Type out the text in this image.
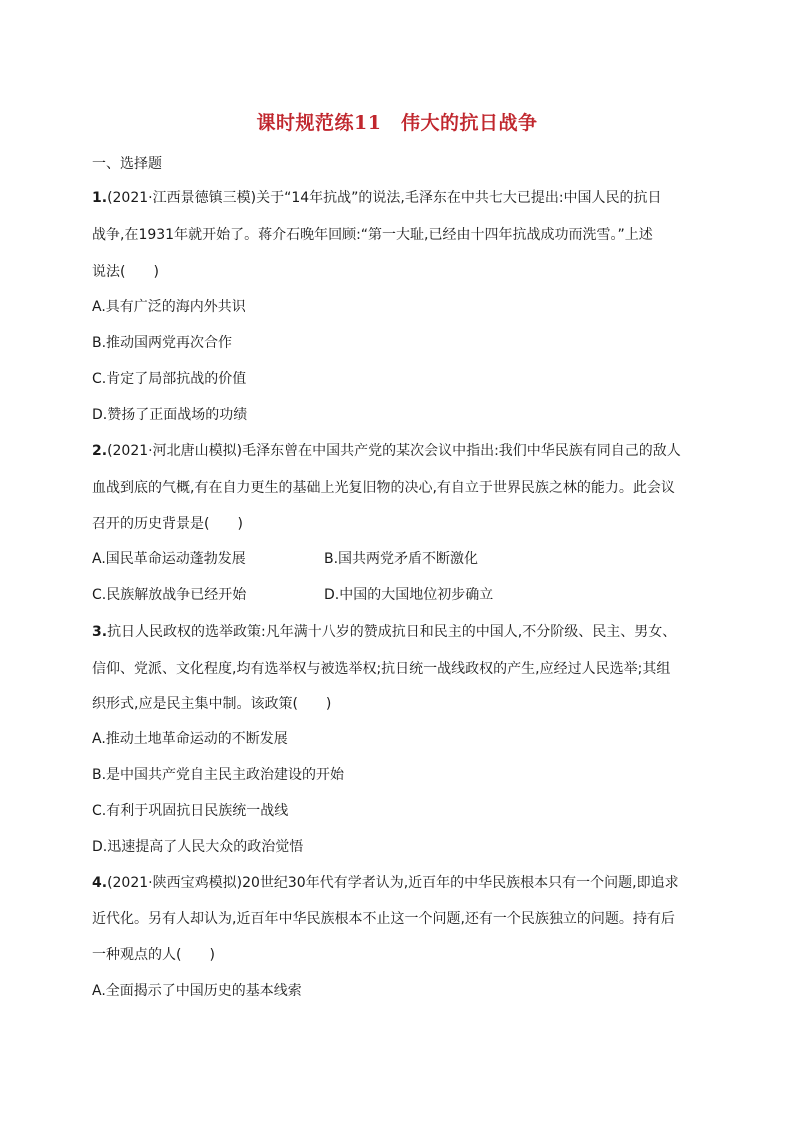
课时规范练11　伟大的抗日战争
一、选择题
1.(2021·江西景德镇三模)关于“14年抗战”的说法,毛泽东在中共七大已提出:中国人民的抗日
战争,在1931年就开始了。蒋介石晚年回顾:“第一大耻,已经由十四年抗战成功而洗雪。”上述
说法(　　)
A.具有广泛的海内外共识
B.推动国两党再次合作
C.肯定了局部抗战的价值
D.赞扬了正面战场的功绩
2.(2021·河北唐山模拟)毛泽东曾在中国共产党的某次会议中指出:我们中华民族有同自己的敌人
血战到底的气概,有在自力更生的基础上光复旧物的决心,有自立于世界民族之林的能力。此会议
召开的历史背景是(　　)
A.国民革命运动蓬勃发展	B.国共两党矛盾不断激化
C.民族解放战争已经开始	D.中国的大国地位初步确立
3.抗日人民政权的选举政策:凡年满十八岁的赞成抗日和民主的中国人,不分阶级、民主、男女、
信仰、党派、文化程度,均有选举权与被选举权;抗日统一战线政权的产生,应经过人民选举;其组
织形式,应是民主集中制。该政策(　　)
A.推动土地革命运动的不断发展
B.是中国共产党自主民主政治建设的开始
C.有利于巩固抗日民族统一战线
D.迅速提高了人民大众的政治觉悟
4.(2021·陕西宝鸡模拟)20世纪30年代有学者认为,近百年的中华民族根本只有一个问题,即追求
近代化。另有人却认为,近百年中华民族根本不止这一个问题,还有一个民族独立的问题。持有后
一种观点的人(　　)
A.全面揭示了中国历史的基本线索
